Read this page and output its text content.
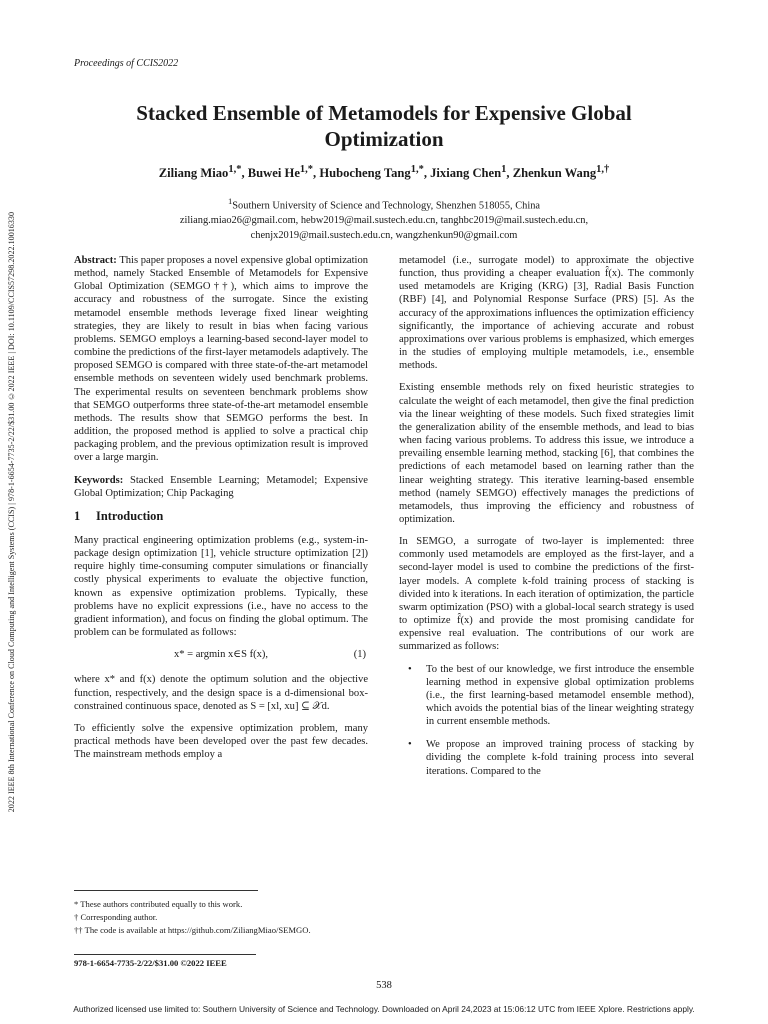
Proceedings of CCIS2022
2022 IEEE 8th International Conference on Cloud Computing and Intelligent Systems (CCIS) | 978-1-6654-7735-2/22/$31.00 ©2022 IEEE | DOI: 10.1109/CCIS57298.2022.10016330
Stacked Ensemble of Metamodels for Expensive Global
Optimization
Ziliang Miao$^{1,*}$, Buwei $He^{1,*}$, Hubocheng Tang$^{1,*}$, Jixiang Chen$^1$, Zhenkun Wang$^{1,\dagger}$
$^1$Southern University of Science and Technology, Shenzhen 518055, China
ziliang.miao26@gmail.com, hebw2019@mail.sustech.edu.cn, tanghbc2019@mail.sustech.edu.cn,
chenjx2019@mail.sustech.edu.cn, wangzhenkun90@gmail.com

Abstract: This paper proposes a novel expensive global optimization method, namely Stacked Ensemble of Metamodels for Expensive Global Optimization (SEMGO††), which aims to improve the accuracy and robustness of the surrogate. Since the existing metamodel ensemble methods leverage fixed linear weighting strategies, they are likely to result in bias when facing various problems. SEMGO employs a learning-based second-layer model to combine the predictions of the first-layer metamodels adaptively. The proposed SEMGO is compared with three state-of-the-art metamodel ensemble methods on seventeen widely used benchmark problems. The experimental results on seventeen benchmark problems show that SEMGO outperforms three state-of-the-art metamodel ensemble methods. The results show that SEMGO performs the best. In addition, the proposed method is applied to solve a practical chip packaging problem, and the previous optimization result is improved over a large margin.

Keywords: Stacked Ensemble Learning; Metamodel; Expensive Global Optimization; Chip Packaging

1 Introduction

Many practical engineering optimization problems (e.g., system-in-package design optimization [1], vehicle structure optimization [2]) require highly time-consuming computer simulations or financially costly physical experiments to evaluate the objective function, known as expensive optimization problems. Typically, these problems have no explicit expressions (i.e., have no access to the gradient information), and focus on finding the global optimum. The problem can be formulated as follows:

x* = argmin x∈S f(x),	(1)

where x* and f(x) denote the optimum solution and the objective function, respectively, and the design space is a d-dimensional box-constrained continuous space, denoted as S = [xl, xu] ⊆ 𝒳d.

To efficiently solve the expensive optimization problem, many practical methods have been developed over the past few decades. The mainstream methods employ a

metamodel (i.e., surrogate model) to approximate the objective function, thus providing a cheaper evaluation f̂(x). The commonly used metamodels are Kriging (KRG) [3], Radial Basis Function (RBF) [4], and Polynomial Response Surface (PRS) [5]. As the accuracy of the approximations influences the optimization efficiency significantly, the importance of achieving accurate and robust approximations over various problems is emphasized, which emerges in the studies of employing multiple metamodels, i.e., ensemble methods.

Existing ensemble methods rely on fixed heuristic strategies to calculate the weight of each metamodel, then give the final prediction via the linear weighting of these models. Such fixed strategies limit the generalization ability of the ensemble methods, and lead to bias when facing various problems. To address this issue, we introduce a prevailing ensemble learning method, stacking [6], that combines the predictions of each metamodel based on learning rather than the linear weighting strategy. This iterative learning-based ensemble method (namely SEMGO) effectively manages the predictions of metamodels, thus improving the efficiency and robustness of optimization.

In SEMGO, a surrogate of two-layer is implemented: three commonly used metamodels are employed as the first-layer, and a second-layer model is used to combine the predictions of the first-layer models. A complete k-fold training process of stacking is divided into k iterations. In each iteration of optimization, the particle swarm optimization (PSO) with a global-local search strategy is used to optimize f̂(x) and provide the most promising candidate for expensive real evaluation. The contributions of our work are summarized as follows:

• To the best of our knowledge, we first introduce the ensemble learning method in expensive global optimization problems (i.e., the first learning-based metamodel ensemble method), which avoids the potential bias of the linear weighting strategy in current ensemble methods.
• We propose an improved training process of stacking by dividing the complete k-fold training process into several iterations. Compared to the
* These authors contributed equally to this work.
† Corresponding author.
†† The code is available at https://github.com/ZiliangMiao/SEMGO.
978-1-6654-7735-2/22/$31.00 ©2022 IEEE
538
Authorized licensed use limited to: Southern University of Science and Technology. Downloaded on April 24,2023 at 15:06:12 UTC from IEEE Xplore. Restrictions apply.
